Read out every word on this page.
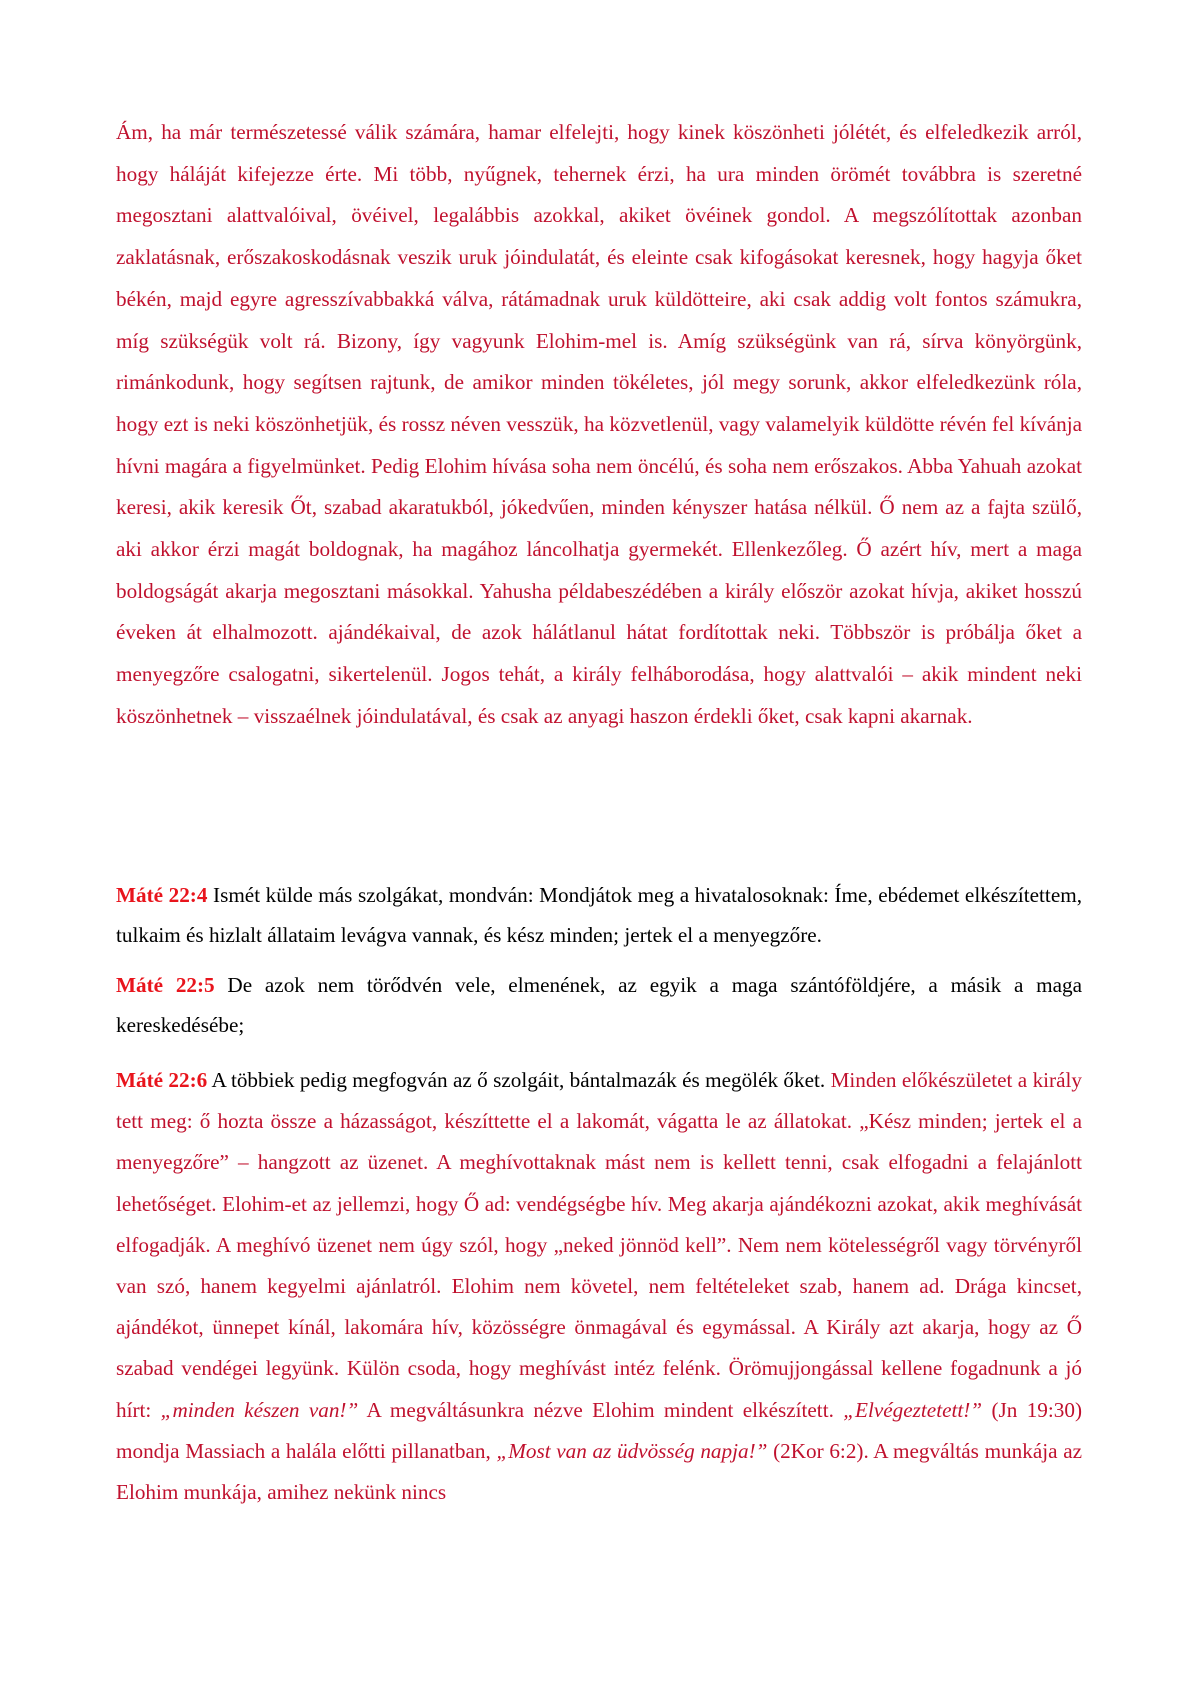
Ám, ha már természetessé válik számára, hamar elfelejti, hogy kinek köszönheti jólétét, és elfeledkezik arról, hogy háláját kifejezze érte. Mi több, nyűgnek, tehernek érzi, ha ura minden örömét továbbra is szeretné megosztani alattvalóival, övéivel, legalábbis azokkal, akiket övéinek gondol. A megszólítottak azonban zaklatásnak, erőszakoskodásnak veszik uruk jóindulatát, és eleinte csak kifogásokat keresnek, hogy hagyja őket békén, majd egyre agresszívabbakká válva, rátámadnak uruk küldötteire, aki csak addig volt fontos számukra, míg szükségük volt rá. Bizony, így vagyunk Elohim-mel is. Amíg szükségünk van rá, sírva könyörgünk, rimánkodunk, hogy segítsen rajtunk, de amikor minden tökéletes, jól megy sorunk, akkor elfeledkezünk róla, hogy ezt is neki köszönhetjük, és rossz néven vesszük, ha közvetlenül, vagy valamelyik küldötte révén fel kívánja hívni magára a figyelmünket. Pedig Elohim hívása soha nem öncélú, és soha nem erőszakos. Abba Yahuah azokat keresi, akik keresik Őt, szabad akaratukból, jókedvűen, minden kényszer hatása nélkül. Ő nem az a fajta szülő, aki akkor érzi magát boldognak, ha magához láncolhatja gyermekét. Ellenkezőleg. Ő azért hív, mert a maga boldogságát akarja megosztani másokkal. Yahusha példabeszédében a király először azokat hívja, akiket hosszú éveken át elhalmozott. ajándékaival, de azok hálátlanul hátat fordítottak neki. Többször is próbálja őket a menyegzőre csalogatni, sikertelenül. Jogos tehát, a király felháborodása, hogy alattvalói – akik mindent neki köszönhetnek – visszaélnek jóindulatával, és csak az anyagi haszon érdekli őket, csak kapni akarnak.

Máté 22:4 Ismét külde más szolgákat, mondván: Mondjátok meg a hivatalosoknak: Íme, ebédemet elkészítettem, tulkaim és hizlalt állataim levágva vannak, és kész minden; jertek el a menyegzőre.

Máté 22:5 De azok nem törődvén vele, elmenének, az egyik a maga szántóföldjére, a másik a maga kereskedésébe;

Máté 22:6 A többiek pedig megfogván az ő szolgáit, bántalmazák és megölék őket. Minden előkészületet a király tett meg: ő hozta össze a házasságot, készíttette el a lakomát, vágatta le az állatokat. „Kész minden; jertek el a menyegzőre” – hangzott az üzenet. A meghívottaknak mást nem is kellett tenni, csak elfogadni a felajánlott lehetőséget. Elohim-et az jellemzi, hogy Ő ad: vendégségbe hív. Meg akarja ajándékozni azokat, akik meghívását elfogadják. A meghívó üzenet nem úgy szól, hogy „neked jönnöd kell”. Nem nem kötelességről vagy törvényről van szó, hanem kegyelmi ajánlatról. Elohim nem követel, nem feltételeket szab, hanem ad. Drága kincset, ajándékot, ünnepet kínál, lakomára hív, közösségre önmagával és egymással. A Király azt akarja, hogy az Ő szabad vendégei legyünk. Külön csoda, hogy meghívást intéz felénk. Örömujjongással kellene fogadnunk a jó hírt: „minden készen van!” A megváltásunkra nézve Elohim mindent elkészített. „Elvégeztetett!” (Jn 19:30) mondja Massiach a halála előtti pillanatban, „Most van az üdvösség napja!” (2Kor 6:2). A megváltás munkája az Elohim munkája, amihez nekünk nincs
